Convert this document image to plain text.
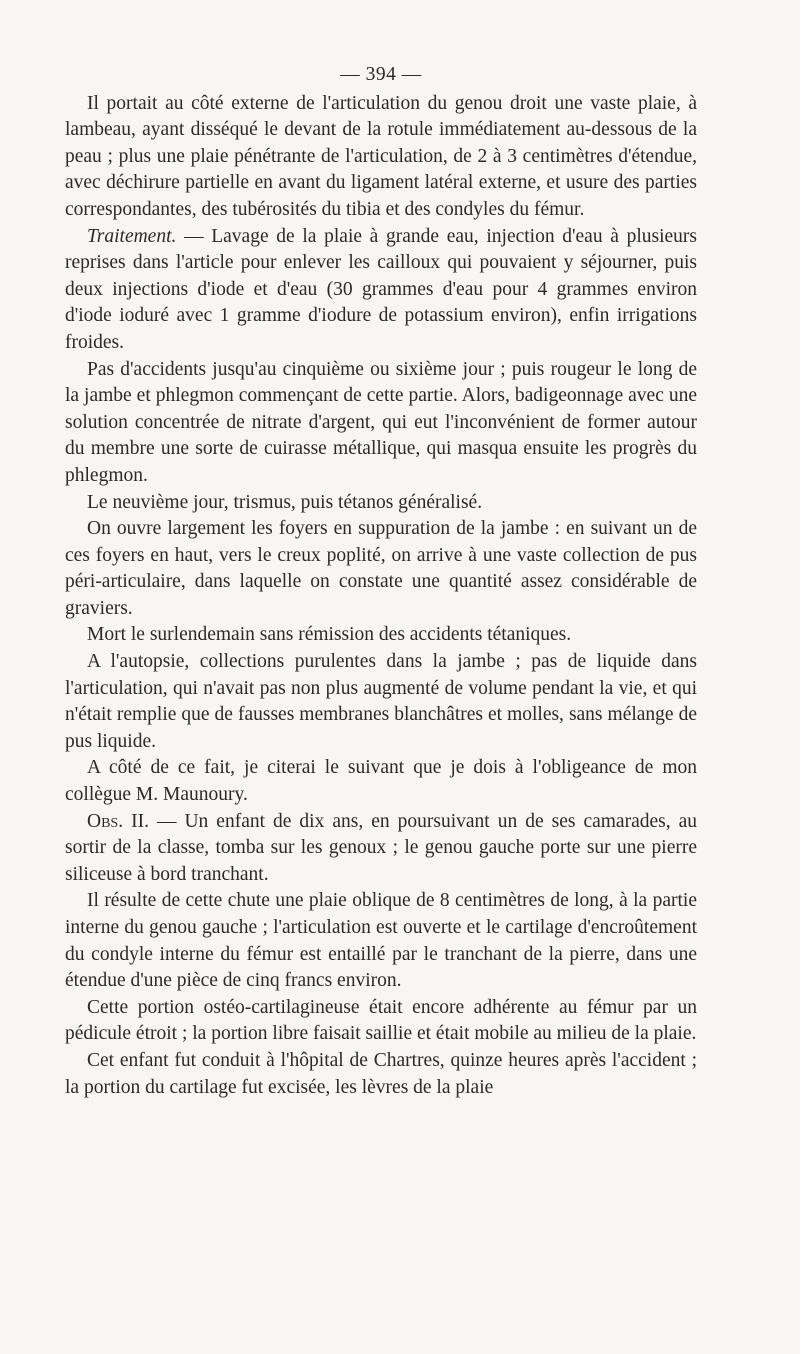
— 394 —

Il portait au côté externe de l'articulation du genou droit une vaste plaie, à lambeau, ayant disséqué le devant de la rotule immédiatement au-dessous de la peau ; plus une plaie pénétrante de l'articulation, de 2 à 3 centimètres d'étendue, avec déchirure partielle en avant du ligament latéral externe, et usure des parties correspondantes, des tubérosités du tibia et des condyles du fémur.

Traitement. — Lavage de la plaie à grande eau, injection d'eau à plusieurs reprises dans l'article pour enlever les cailloux qui pouvaient y séjourner, puis deux injections d'iode et d'eau (30 grammes d'eau pour 4 grammes environ d'iode ioduré avec 1 gramme d'iodure de potassium environ), enfin irrigations froides.

Pas d'accidents jusqu'au cinquième ou sixième jour ; puis rougeur le long de la jambe et phlegmon commençant de cette partie. Alors, badigeonnage avec une solution concentrée de nitrate d'argent, qui eut l'inconvénient de former autour du membre une sorte de cuirasse métallique, qui masqua ensuite les progrès du phlegmon.

Le neuvième jour, trismus, puis tétanos généralisé.

On ouvre largement les foyers en suppuration de la jambe : en suivant un de ces foyers en haut, vers le creux poplité, on arrive à une vaste collection de pus péri-articulaire, dans laquelle on constate une quantité assez considérable de graviers.

Mort le surlendemain sans rémission des accidents tétaniques.

A l'autopsie, collections purulentes dans la jambe ; pas de liquide dans l'articulation, qui n'avait pas non plus augmenté de volume pendant la vie, et qui n'était remplie que de fausses membranes blanchâtres et molles, sans mélange de pus liquide.

A côté de ce fait, je citerai le suivant que je dois à l'obligeance de mon collègue M. Maunoury.

Obs. II. — Un enfant de dix ans, en poursuivant un de ses camarades, au sortir de la classe, tomba sur les genoux ; le genou gauche porte sur une pierre siliceuse à bord tranchant.

Il résulte de cette chute une plaie oblique de 8 centimètres de long, à la partie interne du genou gauche ; l'articulation est ouverte et le cartilage d'encroûtement du condyle interne du fémur est entaillé par le tranchant de la pierre, dans une étendue d'une pièce de cinq francs environ.

Cette portion ostéo-cartilagineuse était encore adhérente au fémur par un pédicule étroit ; la portion libre faisait saillie et était mobile au milieu de la plaie.

Cet enfant fut conduit à l'hôpital de Chartres, quinze heures après l'accident ; la portion du cartilage fut excisée, les lèvres de la plaie
